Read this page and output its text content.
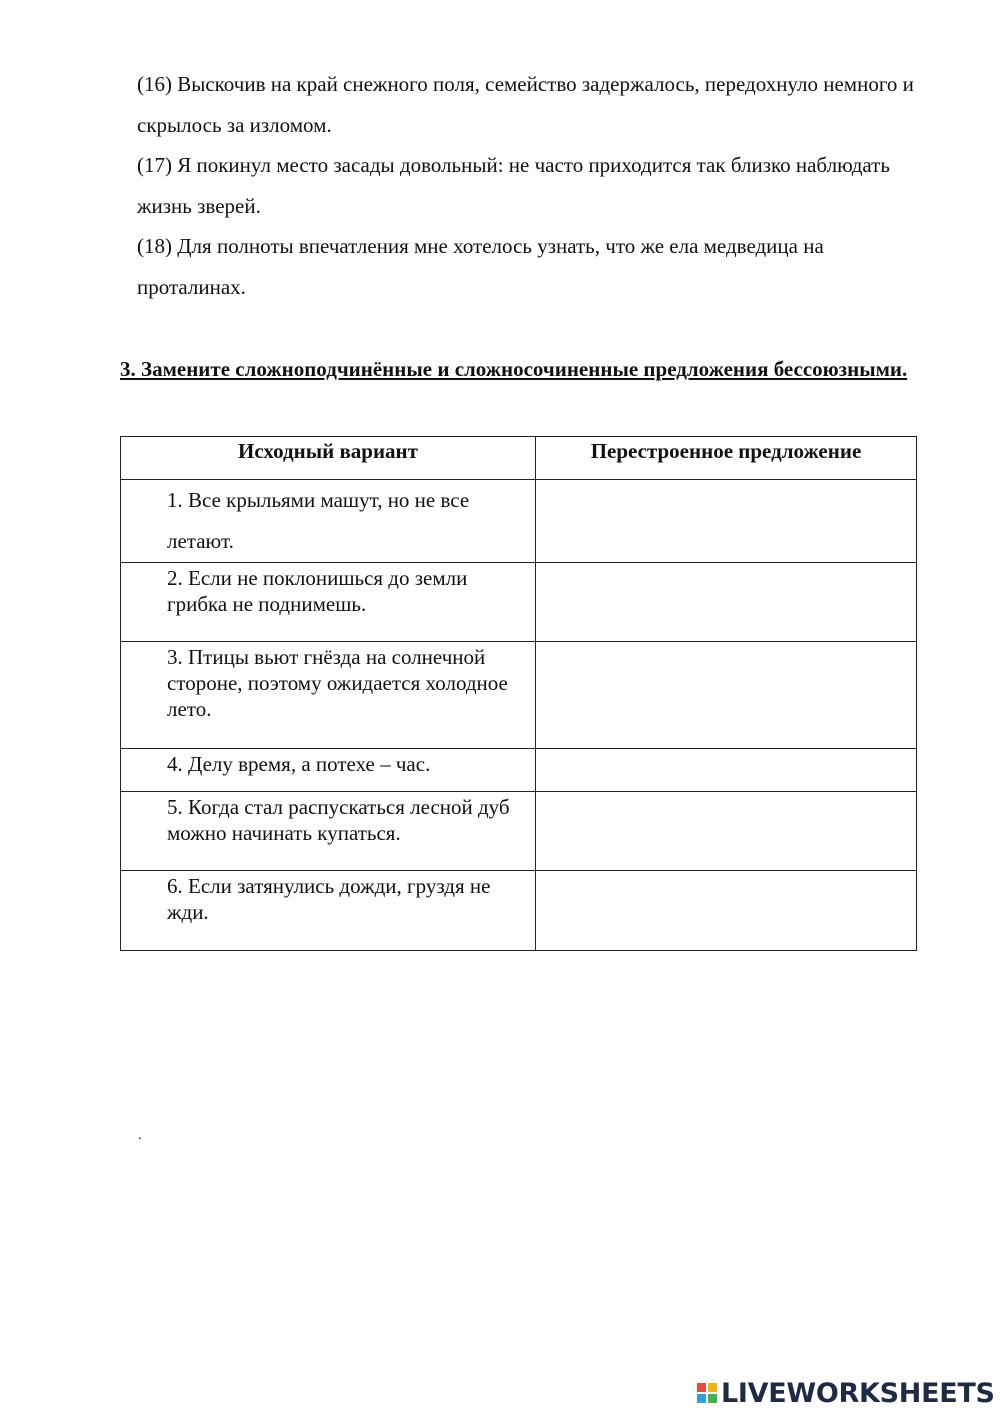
(16) Выскочив на край снежного поля, семейство задержалось, передохнуло немного и скрылось за изломом.

(17) Я покинул место засады довольный: не часто приходится так близко наблюдать жизнь зверей.

(18) Для полноты впечатления мне хотелось узнать, что же ела медведица на проталинах.

3. Замените сложноподчинённые и сложносочиненные предложения бессоюзными.

Исходный вариант	Перестроенное предложение
1. Все крыльями машут, но не все летают.	
2. Если не поклонишься до земли грибка не поднимешь.	
3. Птицы вьют гнёзда на солнечной стороне, поэтому ожидается холодное лето.	
4. Делу время, а потехе – час.	
5. Когда стал распускаться лесной дуб можно начинать купаться.	
6. Если затянулись дожди, груздя не жди.	
.
LIVEWORKSHEETS
